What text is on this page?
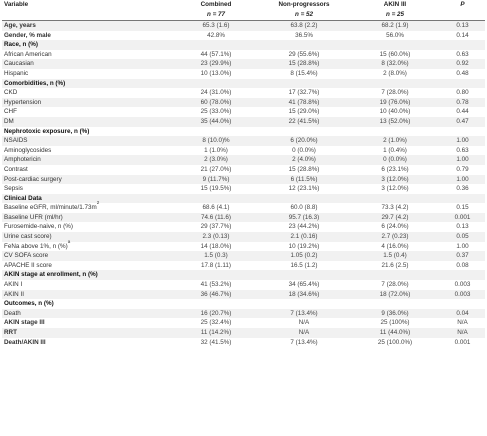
Variable	Combined	Non-progressors	AKIN III	P
	n = 77	n = 52	n = 25	
Age, years	65.3 (1.6)	63.8 (2.2)	68.2 (1.9)	0.13
Gender, % male	42.8%	36.5%	56.0%	0.14
Race, n (%)				
African American	44 (57.1%)	29 (55.6%)	15 (60.0%)	0.63
Caucasian	23 (29.9%)	15 (28.8%)	8 (32.0%)	0.92
Hispanic	10 (13.0%)	8 (15.4%)	2 (8.0%)	0.48
Comorbidities, n (%)				
CKD	24 (31.0%)	17 (32.7%)	7 (28.0%)	0.80
Hypertension	60 (78.0%)	41 (78.8%)	19 (76.0%)	0.78
CHF	25 (33.0%)	15 (29.0%)	10 (40.0%)	0.44
DM	35 (44.0%)	22 (41.5%)	13 (52.0%)	0.47
Nephrotoxic exposure, n (%)				
NSAIDS	8 (10.0)%	6 (20.0%)	2 (1.0%)	1.00
Aminoglycosides	1 (1.0%)	0 (0.0%)	1 (0.4%)	0.63
Amphotericin	2 (3.0%)	2 (4.0%)	0 (0.0%)	1.00
Contrast	21 (27.0%)	15 (28.8%)	6 (23.1%)	0.79
Post-cardiac surgery	9 (11.7%)	6 (11.5%)	3 (12.0%)	1.00
Sepsis	15 (19.5%)	12 (23.1%)	3 (12.0%)	0.36
Clinical Data				
Baseline eGFR, $ml/minute/1.73m^2$	68.6 (4.1)	60.0 (8.8)	73.3 (4.2)	0.15
Baseline UFR (ml/hr)	74.6 (11.6)	95.7 (16.3)	29.7 (4.2)	0.001
Furosemide-naive, n (%)	29 (37.7%)	23 (44.2%)	6 (24.0%)	0.13
Urine cast score)	2.3 (0.13)	2.1 (0.16)	2.7 (0.23)	0.05
FeNa above 1%, n (%)$^a$	14 (18.0%)	10 (19.2%)	4 (16.0%)	1.00
CV SOFA score	1.5 (0.3)	1.05 (0.2)	1.5 (0.4)	0.37
APACHE II score	17.8 (1.11)	16.5 (1.2)	21.6 (2.5)	0.08
AKIN stage at enrollment, n (%)				
AKIN I	41 (53.2%)	34 (65.4%)	7 (28.0%)	0.003
AKIN II	36 (46.7%)	18 (34.6%)	18 (72.0%)	0.003
Outcomes, n (%)				
Death	16 (20.7%)	7 (13.4%)	9 (36.0%)	0.04
AKIN stage III	25 (32.4%)	N/A	25 (100%)	N/A
RRT	11 (14.2%)	N/A	11 (44.0%)	N/A
Death/AKIN III	32 (41.5%)	7 (13.4%)	25 (100.0%)	0.001
